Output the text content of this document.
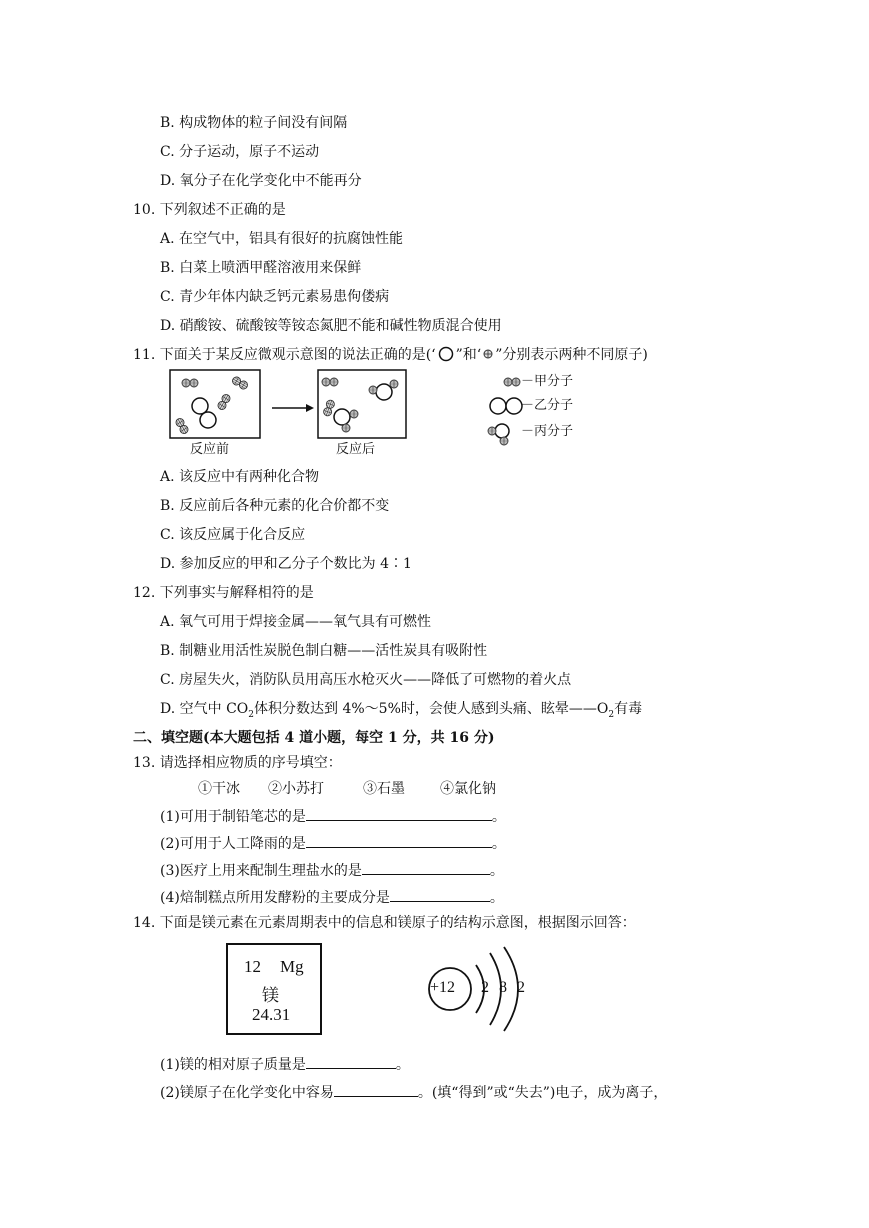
B. 构成物体的粒子间没有间隔
C. 分子运动，原子不运动
D. 氧分子在化学变化中不能再分
10. 下列叙述不正确的是
A. 在空气中，铝具有很好的抗腐蚀性能
B. 白菜上喷洒甲醛溶液用来保鲜
C. 青少年体内缺乏钙元素易患佝偻病
D. 硝酸铵、硫酸铵等铵态氮肥不能和碱性物质混合使用
11. 下面关于某反应微观示意图的说法正确的是(‘ ”和‘ ”分别表示两种不同原子)
反应前	反应后
－甲分子
－乙分子
－丙分子
A. 该反应中有两种化合物
B. 反应前后各种元素的化合价都不变
C. 该反应属于化合反应
D. 参加反应的甲和乙分子个数比为 4∶1
12. 下列事实与解释相符的是
A. 氧气可用于焊接金属——氧气具有可燃性
B. 制糖业用活性炭脱色制白糖——活性炭具有吸附性
C. 房屋失火，消防队员用高压水枪灭火——降低了可燃物的着火点
D. 空气中 $CO_2$体积分数达到 4%～5%时，会使人感到头痛、眩晕$——O_2$有毒
二、填空题(本大题包括 4 道小题，每空 1 分，共 16 分)
13. 请选择相应物质的序号填空：
①干冰 ②小苏打	③石墨	④氯化钠
(1)可用于制铅笔芯的是	。
(2)可用于人工降雨的是	。
(3)医疗上用来配制生理盐水的是	。
(4)焙制糕点所用发酵粉的主要成分是	。
14. 下面是镁元素在元素周期表中的信息和镁原子的结构示意图，根据图示回答：
12 Mg
镁
24.31
+12 2 8 2
(1)镁的相对原子质量是	。
(2)镁原子在化学变化中容易	。(填“得到”或“失去”)电子，成为离子，
